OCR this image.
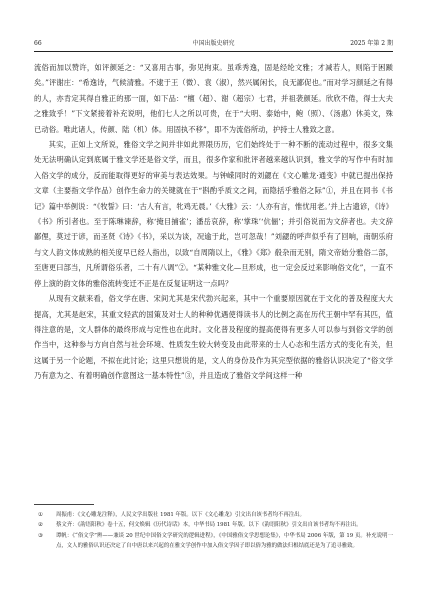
66	中国出版史研究	2025 年第 2 期

流俗而加以赞许，如评颜延之：“又喜用古事，弥见拘束。虽乖秀逸，固是经纶文雅；才减若人，则陷于困踬矣。”评谢庄：“希逸诗，气候清雅。不逮于王（微）、袁（淑），然兴属闲长，良无鄙促也。”而对学习颜延之有得的人，亦肯定其得自雅正的那一面，如下品：“檀（超）、谢（超宗）七君，并祖袭颜延。欣欣不倦，得士大夫之雅致乎！”下文紧接着补充说明，他们七人之所以可贵，在于“大明、泰始中，鲍（照）、（汤惠）休美文，殊已动俗。唯此诸人，传颜、陆（机）体。用固执不移”，即不为流俗所动，护持士人雅致之意。

其实，正如上文所说，雅俗文学之间并非如此界限历历，它们始终处于一种不断的流动过程中，很多文集处无法明确认定到底属于雅文学还是俗文学，而且，很多作家和批评者越来越认识到，雅文学的写作中有时加入俗文学的成分，反而能取得更好的审美与表达效果。与钟嵘同时的刘勰在《文心雕龙·通变》中就已提出保持文章（主要指文学作品）创作生命力的关键就在于“斟酌乎质文之间，而隐括乎雅俗之际”①，并且在同书《书记》篇中举例说：“《牧誓》曰：‘古人有言，牝鸡无晨。’《大雅》云：‘人亦有言，惟忧用老。’并上古遗谚，《诗》《书》所引者也。至于陈琳谏辞，称‘掩目捕雀’；潘岳哀辞，称‘掌珠’‘伉俪’；并引俗说而为文辞者也。夫文辞鄙俚，莫过于谚，而圣贤《诗》《书》，采以为谈，况逾于此，岂可忽哉！”刘勰的呼声似乎有了回响，南朝乐府与文人韵文体成熟的相关度早已经人指出，以致“自周隋以上，《雅》《郑》殽杂而无别，隋文帝始分雅俗二部，至唐更曰部当，凡所谓俗乐者，二十有八调”②。“某种雅文化—旦形成，也一定会反过来影响俗文化”，一直不停上演的韵文体的雅俗流转变迁不正是在反复证明这一点吗？

从现有文献来看，俗文学在唐、宋间尤其是宋代勃兴起来，其中一个重要原因就在于文化的普及程度大大提高，尤其是赵宋，其重文轻武的国策及对士人的种种优遇使得读书人的比例之高在历代王朝中罕有其匹，值得注意的是，文人群体的最终形成与定性也在此时。文化普及程度的提高使得有更多人可以参与到俗文学的创作当中，这种参与方向自然与社会环境、性质发生较大转变及由此带来的士人心态和生活方式的变化有关，但这属于另一个论题，不拟在此讨论；这里只想说的是，文人的身份及作为其完型依据的雅俗认识决定了“俗文学乃有意为之、有着明确创作意图这一基本特性”③，并且造成了雅俗文学间这样一种

① 周振甫：《文心雕龙注释》，人民文学出版社 1981 年版。以下《文心雕龙》引文出自该书者均不再注出。
② 蔡文齐：《韵语阳秋》卷十五，何文焕辑《历代诗话》本，中华书局 1981 年版。以下《韵语阳秋》引文出自该书者均不再注出。
③ 谭帆：《“俗文学”辨——兼谈 20 世纪中国俗文学研究的逻辑进程》，《中国雅俗文学思想论集》，中华书局 2006 年版，第 19 页。补充说明一点，文人的雅俗认识还决定了自中唐以来兴起的在雅文学创作中加入俗文学因子即以俗为雅的做法归根结底还是为了追寻雅致。
